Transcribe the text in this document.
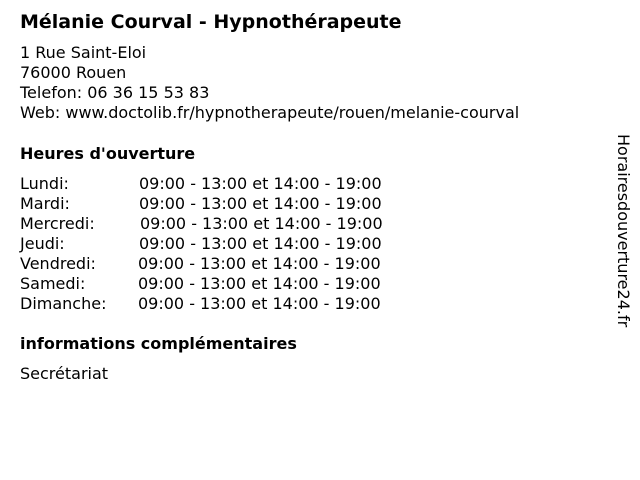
Mélanie Courval - Hypnothérapeute
1 Rue Saint-Eloi
76000 Rouen
Telefon: 06 36 15 53 83
Web: www.doctolib.fr/hypnotherapeute/rouen/melanie-courval
Heures d'ouverture
Lundi:	09:00 - 13:00 et 14:00 - 19:00
Mardi:	09:00 - 13:00 et 14:00 - 19:00
Mercredi:	09:00 - 13:00 et 14:00 - 19:00
Jeudi:	09:00 - 13:00 et 14:00 - 19:00
Vendredi:	09:00 - 13:00 et 14:00 - 19:00
Samedi:	09:00 - 13:00 et 14:00 - 19:00
Dimanche: 09:00 - 13:00 et 14:00 - 19:00
informations complémentaires
Secrétariat
Horairesdouverture24.fr
